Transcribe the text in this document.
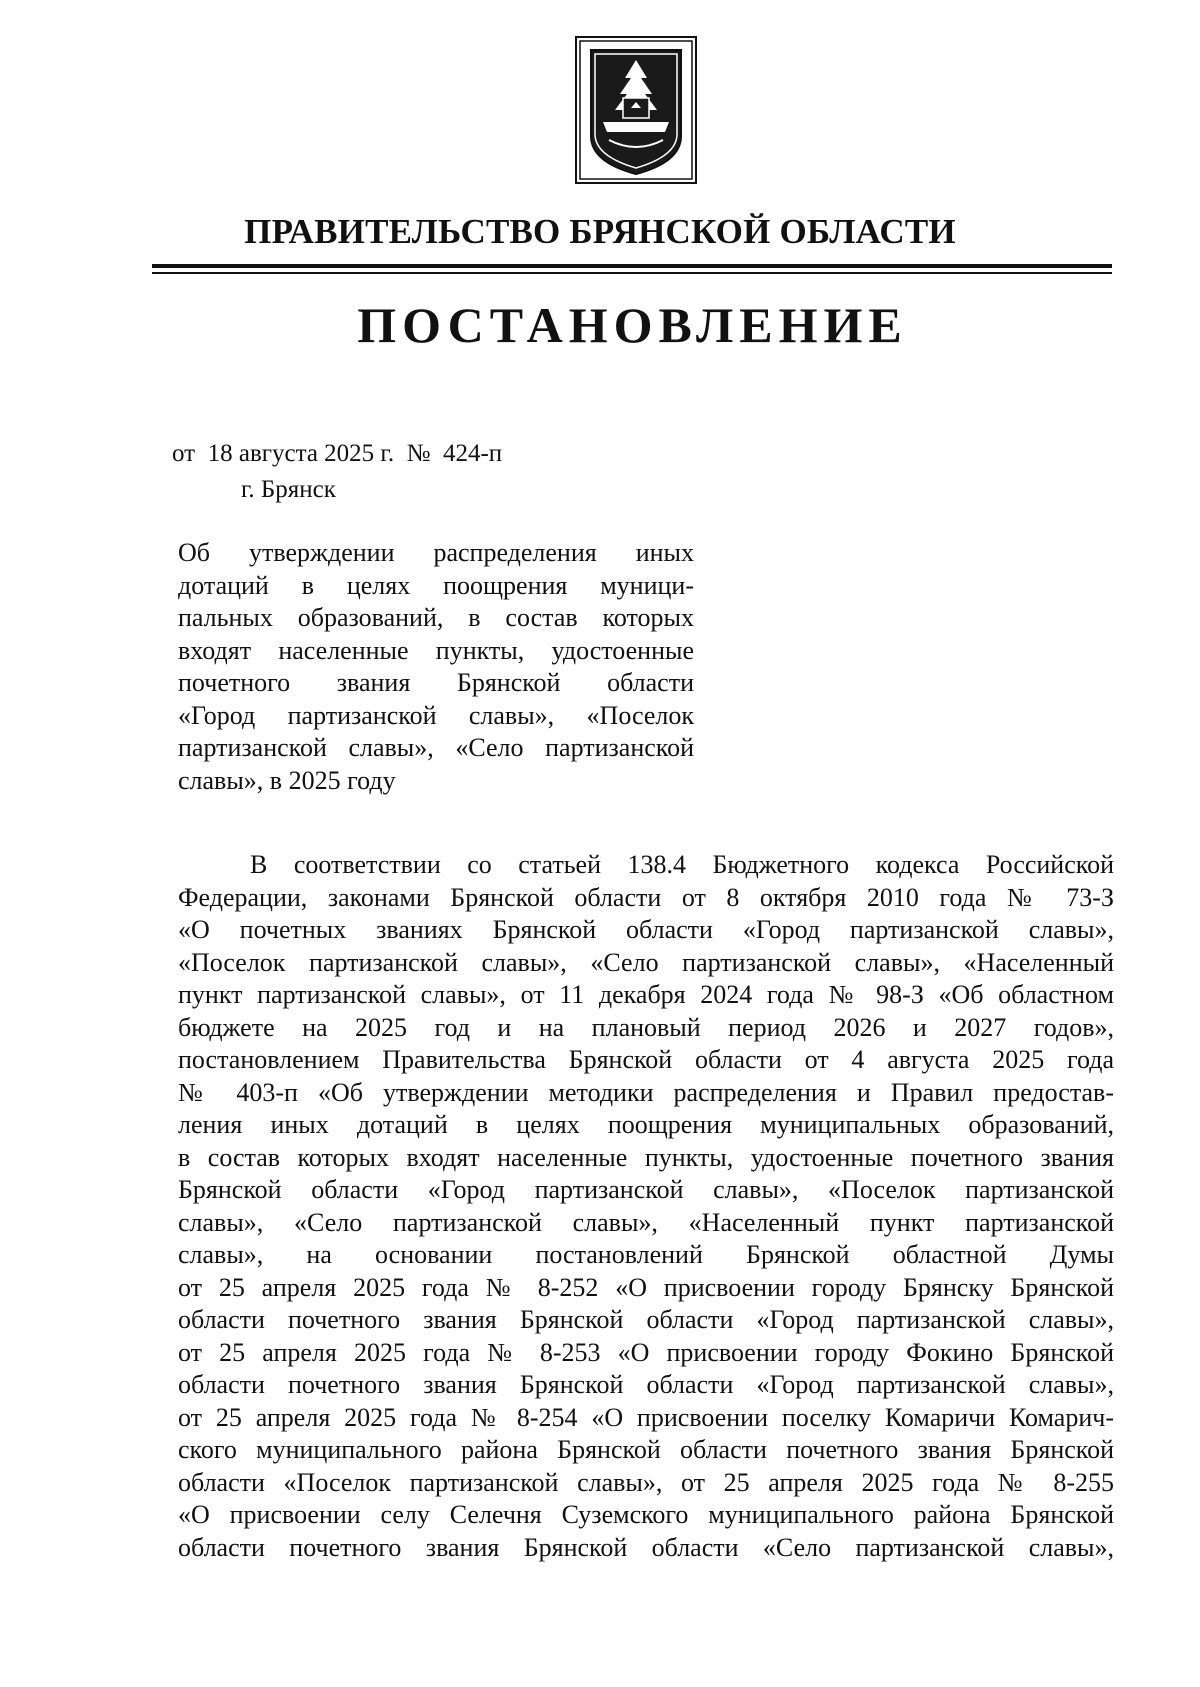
ПРАВИТЕЛЬСТВО БРЯНСКОЙ ОБЛАСТИ
ПОСТАНОВЛЕНИЕ
от  18 августа 2025 г.  №  424-п
г. Брянск
Об утверждении распределения иных
дотаций в целях поощрения муници-
пальных образований, в состав которых
входят населенные пункты, удостоенные
почетного звания Брянской области
«Город партизанской славы», «Поселок
партизанской славы», «Село партизанской
славы», в 2025 году
В соответствии со статьей 138.4 Бюджетного кодекса Российской
Федерации, законами Брянской области от 8 октября 2010 года № 73-З
«О почетных званиях Брянской области «Город партизанской славы»,
«Поселок партизанской славы», «Село партизанской славы», «Населенный
пункт партизанской славы», от 11 декабря 2024 года № 98-З «Об областном
бюджете на 2025 год и на плановый период 2026 и 2027 годов»,
постановлением Правительства Брянской области от 4 августа 2025 года
№ 403-п «Об утверждении методики распределения и Правил предостав-
ления иных дотаций в целях поощрения муниципальных образований,
в состав которых входят населенные пункты, удостоенные почетного звания
Брянской области «Город партизанской славы», «Поселок партизанской
славы», «Село партизанской славы», «Населенный пункт партизанской
славы», на основании постановлений Брянской областной Думы
от 25 апреля 2025 года № 8-252 «О присвоении городу Брянску Брянской
области почетного звания Брянской области «Город партизанской славы»,
от 25 апреля 2025 года № 8-253 «О присвоении городу Фокино Брянской
области почетного звания Брянской области «Город партизанской славы»,
от 25 апреля 2025 года № 8-254 «О присвоении поселку Комаричи Комарич-
ского муниципального района Брянской области почетного звания Брянской
области «Поселок партизанской славы», от 25 апреля 2025 года № 8-255
«О присвоении селу Селечня Суземского муниципального района Брянской
области почетного звания Брянской области «Село партизанской славы»,
